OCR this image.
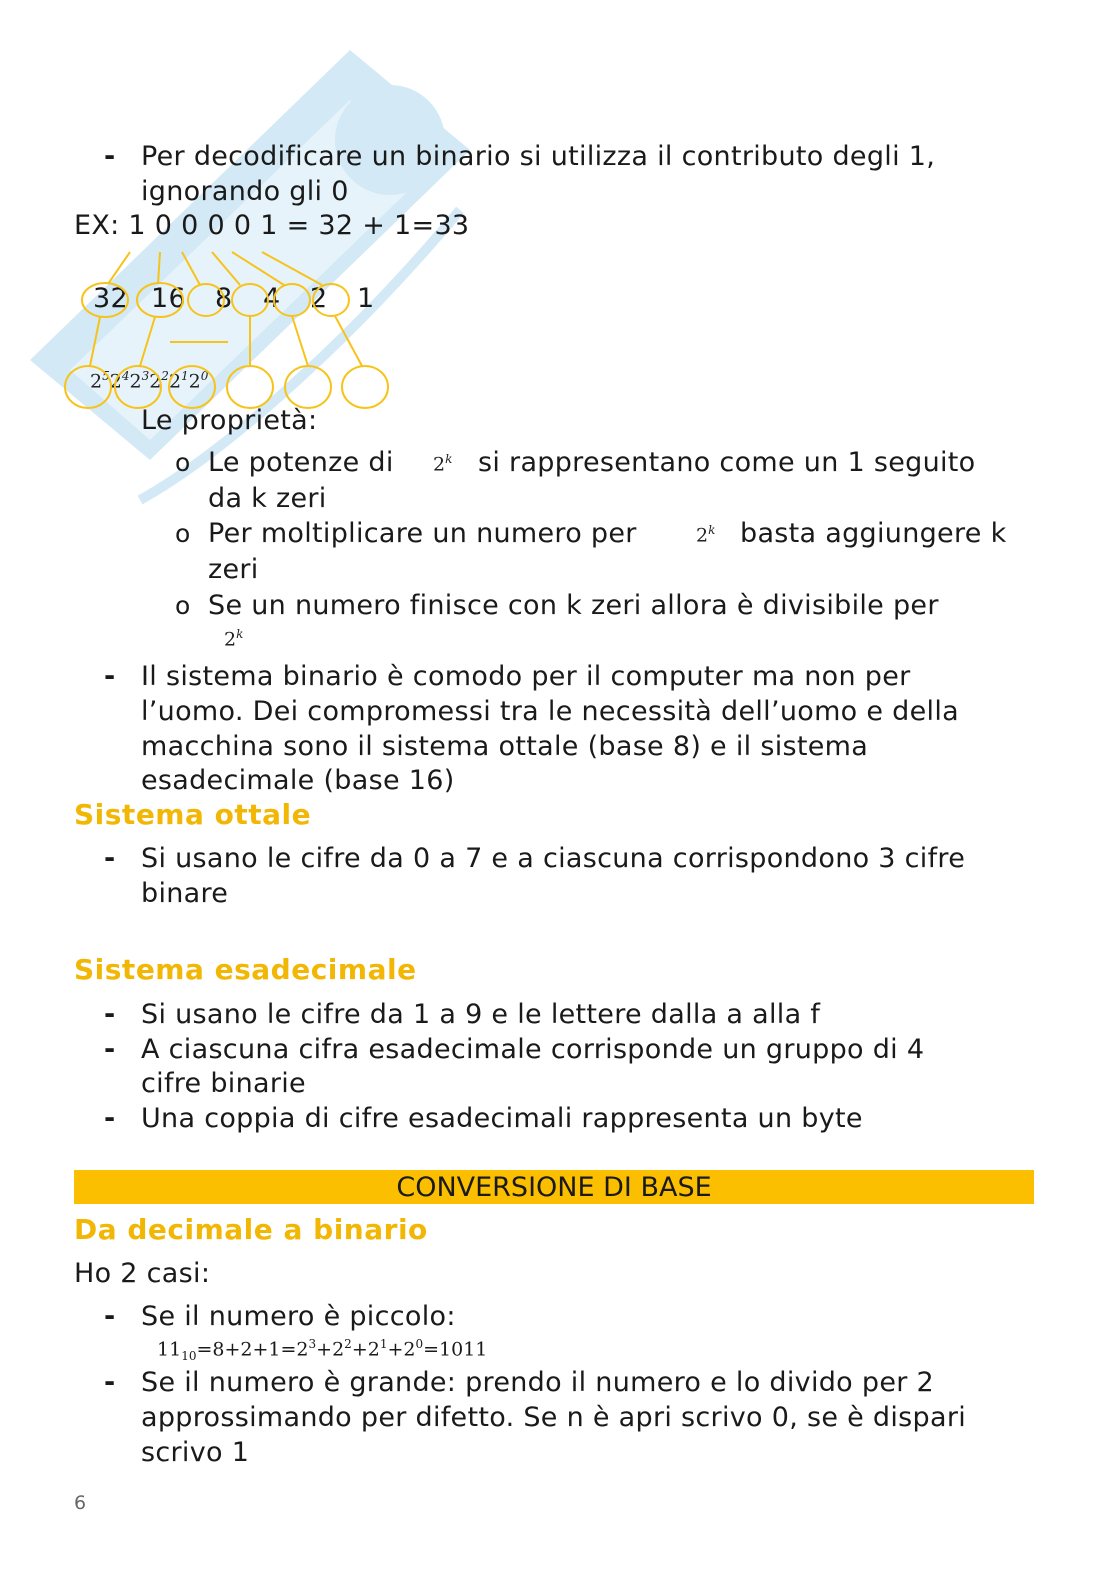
- Per decodificare un binario si utilizza il contributo degli 1,
ignorando gli 0
EX: 1 0 0 0 0 1 = 32 + 1=33
32 16 8 4 2 1
$2^52^42^32^22^12^0$
Le proprietà:
o Le potenze di 2$^k$ si rappresentano come un 1 seguito
da k zeri
o Per moltiplicare un numero per	2$^k$ basta aggiungere k
zeri
o Se un numero finisce con k zeri allora è divisibile per
2$^k$
- Il sistema binario è comodo per il computer ma non per
l’uomo. Dei compromessi tra le necessità dell’uomo e della
macchina sono il sistema ottale (base 8) e il sistema
esadecimale (base 16)
Sistema ottale
- Si usano le cifre da 0 a 7 e a ciascuna corrispondono 3 cifre
binare
Sistema esadecimale
- Si usano le cifre da 1 a 9 e le lettere dalla a alla f
- A ciascuna cifra esadecimale corrisponde un gruppo di 4
cifre binarie
- Una coppia di cifre esadecimali rappresenta un byte
CONVERSIONE DI BASE
Da decimale a binario
Ho 2 casi:
- Se il numero è piccolo:
$11_{10}=8+2+1=2^3+2^2+2^1+2^0=1011$
- Se il numero è grande: prendo il numero e lo divido per 2
approssimando per difetto. Se n è apri scrivo 0, se è dispari
scrivo 1
6
